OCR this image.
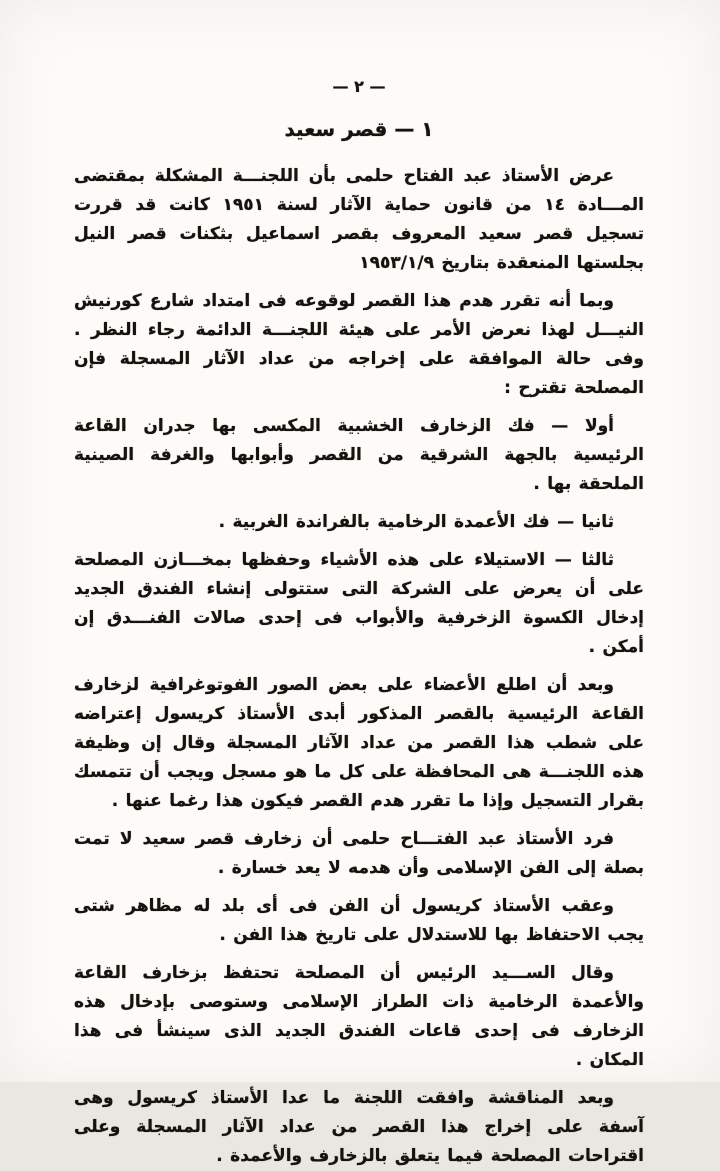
— ٢ —
١ — قصر سعيد

عرض الأستاذ عبد الفتاح حلمى بأن اللجنـــة المشكلة بمقتضى المـــادة ١٤ من قانون حماية الآثار لسنة ١٩٥١ كانت قد قررت تسجيل قصر سعيد المعروف بقصر اسماعيل بثكنات قصر النيل بجلستها المنعقدة بتاريخ ١٩٥٣/١/٩

وبما أنه تقرر هدم هذا القصر لوقوعه فى امتداد شارع كورنيش النيـــل لهذا نعرض الأمر على هيئة اللجنـــة الدائمة رجاء النظر . وفى حالة الموافقة على إخراجه من عداد الآثار المسجلة فإن المصلحة تقترح :

أولا — فك الزخارف الخشبية المكسى بها جدران القاعة الرئيسية بالجهة الشرقية من القصر وأبوابها والغرفة الصينية الملحقة بها .

ثانيا — فك الأعمدة الرخامية بالفراندة الغربية .

ثالثا — الاستيلاء على هذه الأشياء وحفظها بمخـــازن المصلحة على أن يعرض على الشركة التى ستتولى إنشاء الفندق الجديد إدخال الكسوة الزخرفية والأبواب فى إحدى صالات الفنـــدق إن أمكن .

وبعد أن اطلع الأعضاء على بعض الصور الفوتوغرافية لزخارف القاعة الرئيسية بالقصر المذكور أبدى الأستاذ كريسول إعتراضه على شطب هذا القصر من عداد الآثار المسجلة وقال إن وظيفة هذه اللجنـــة هى المحافظة على كل ما هو مسجل ويجب أن تتمسك بقرار التسجيل وإذا ما تقرر هدم القصر فيكون هذا رغما عنها .

فرد الأستاذ عبد الفتـــاح حلمى أن زخارف قصر سعيد لا تمت بصلة إلى الفن الإسلامى وأن هدمه لا يعد خسارة .

وعقب الأستاذ كريسول أن الفن فى أى بلد له مظاهر شتى يجب الاحتفاظ بها للاستدلال على تاريخ هذا الفن .

وقال الســـيد الرئيس أن المصلحة تحتفظ بزخارف القاعة والأعمدة الرخامية ذات الطراز الإسلامى وستوصى بإدخال هذه الزخارف فى إحدى قاعات الفندق الجديد الذى سينشأ فى هذا المكان .

وبعد المناقشة وافقت اللجنة ما عدا الأستاذ كريسول وهى آسفة على إخراج هذا القصر من عداد الآثار المسجلة وعلى اقتراحات المصلحة فيما يتعلق بالزخارف والأعمدة .
